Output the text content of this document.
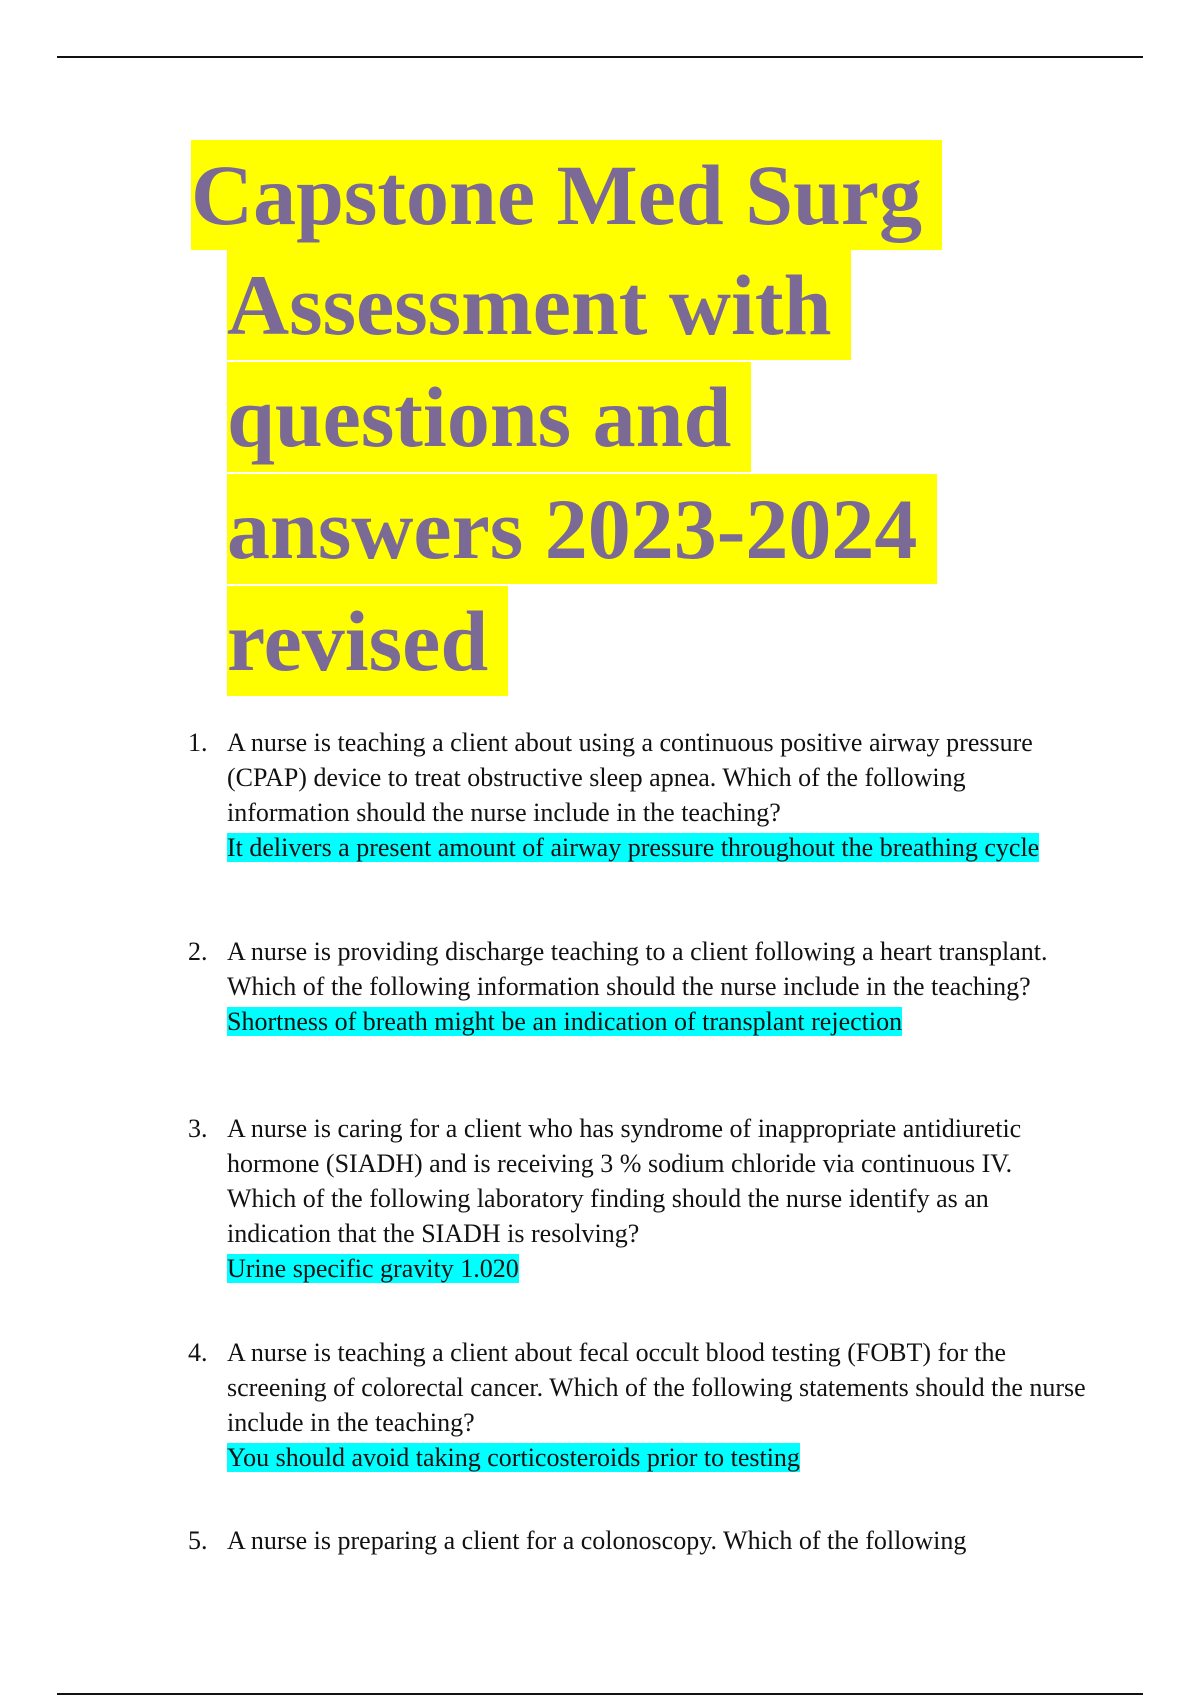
Capstone Med Surg
Assessment with
questions and
answers 2023-2024
revised
1. A nurse is teaching a client about using a continuous positive airway pressure (CPAP) device to treat obstructive sleep apnea. Which of the following information should the nurse include in the teaching?
It delivers a present amount of airway pressure throughout the breathing cycle
2. A nurse is providing discharge teaching to a client following a heart transplant. Which of the following information should the nurse include in the teaching?
Shortness of breath might be an indication of transplant rejection
3. A nurse is caring for a client who has syndrome of inappropriate antidiuretic hormone (SIADH) and is receiving 3 % sodium chloride via continuous IV. Which of the following laboratory finding should the nurse identify as an indication that the SIADH is resolving?
Urine specific gravity 1.020
4. A nurse is teaching a client about fecal occult blood testing (FOBT) for the screening of colorectal cancer. Which of the following statements should the nurse include in the teaching?
You should avoid taking corticosteroids prior to testing
5. A nurse is preparing a client for a colonoscopy. Which of the following
